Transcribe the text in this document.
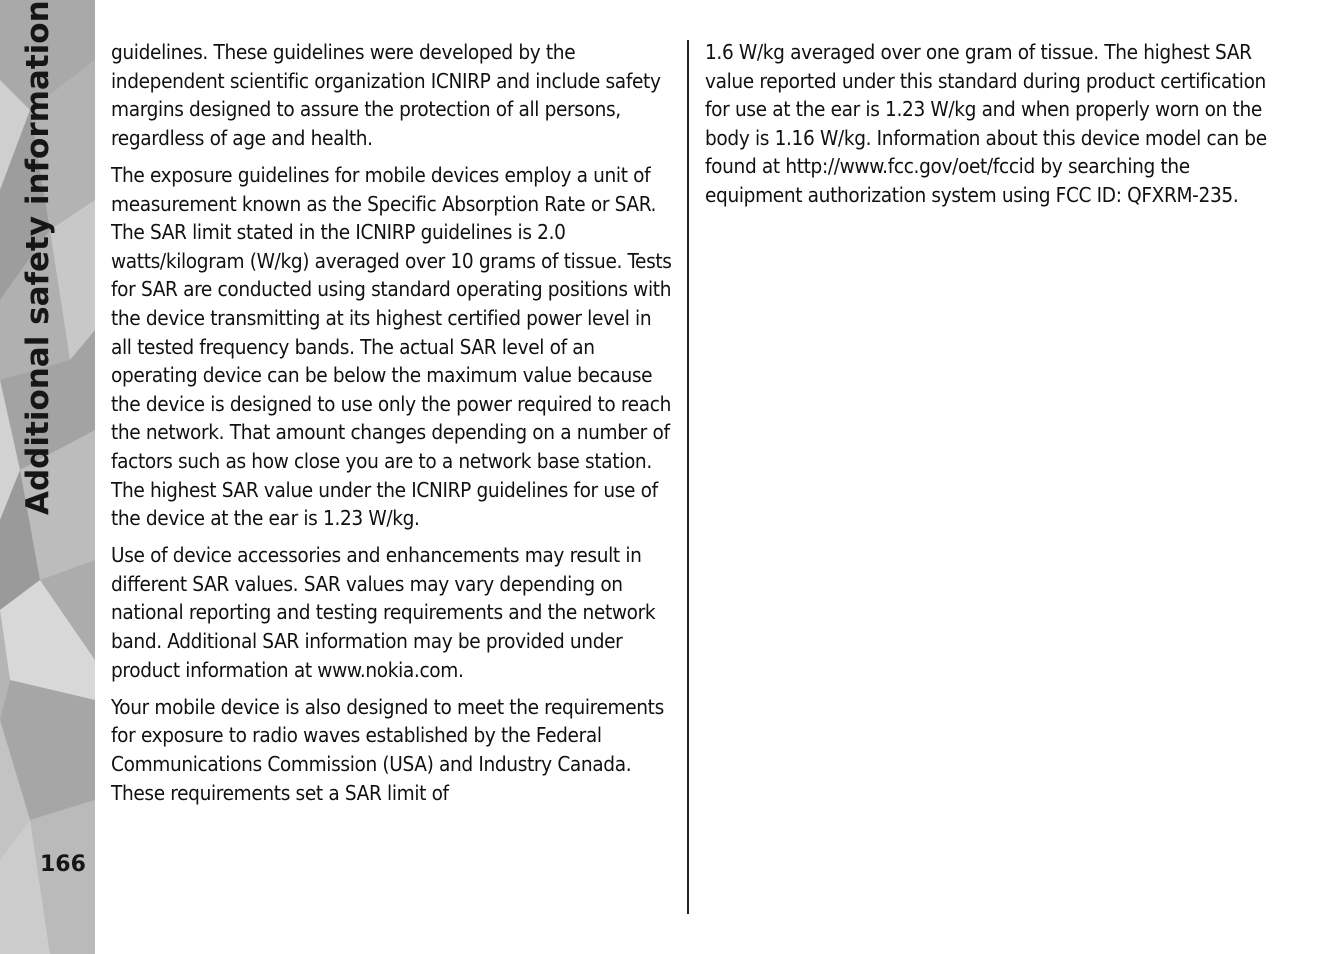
Additional safety information
166

guidelines. These guidelines were developed by the independent scientific organization ICNIRP and include safety margins designed to assure the protection of all persons, regardless of age and health.

The exposure guidelines for mobile devices employ a unit of measurement known as the Specific Absorption Rate or SAR. The SAR limit stated in the ICNIRP guidelines is 2.0 watts/kilogram (W/kg) averaged over 10 grams of tissue. Tests for SAR are conducted using standard operating positions with the device transmitting at its highest certified power level in all tested frequency bands. The actual SAR level of an operating device can be below the maximum value because the device is designed to use only the power required to reach the network. That amount changes depending on a number of factors such as how close you are to a network base station. The highest SAR value under the ICNIRP guidelines for use of the device at the ear is 1.23 W/kg.

Use of device accessories and enhancements may result in different SAR values. SAR values may vary depending on national reporting and testing requirements and the network band. Additional SAR information may be provided under product information at www.nokia.com.

Your mobile device is also designed to meet the requirements for exposure to radio waves established by the Federal Communications Commission (USA) and Industry Canada. These requirements set a SAR limit of

1.6 W/kg averaged over one gram of tissue. The highest SAR value reported under this standard during product certification for use at the ear is 1.23 W/kg and when properly worn on the body is 1.16 W/kg. Information about this device model can be found at http://www.fcc.gov/oet/fccid by searching the equipment authorization system using FCC ID: QFXRM-235.
